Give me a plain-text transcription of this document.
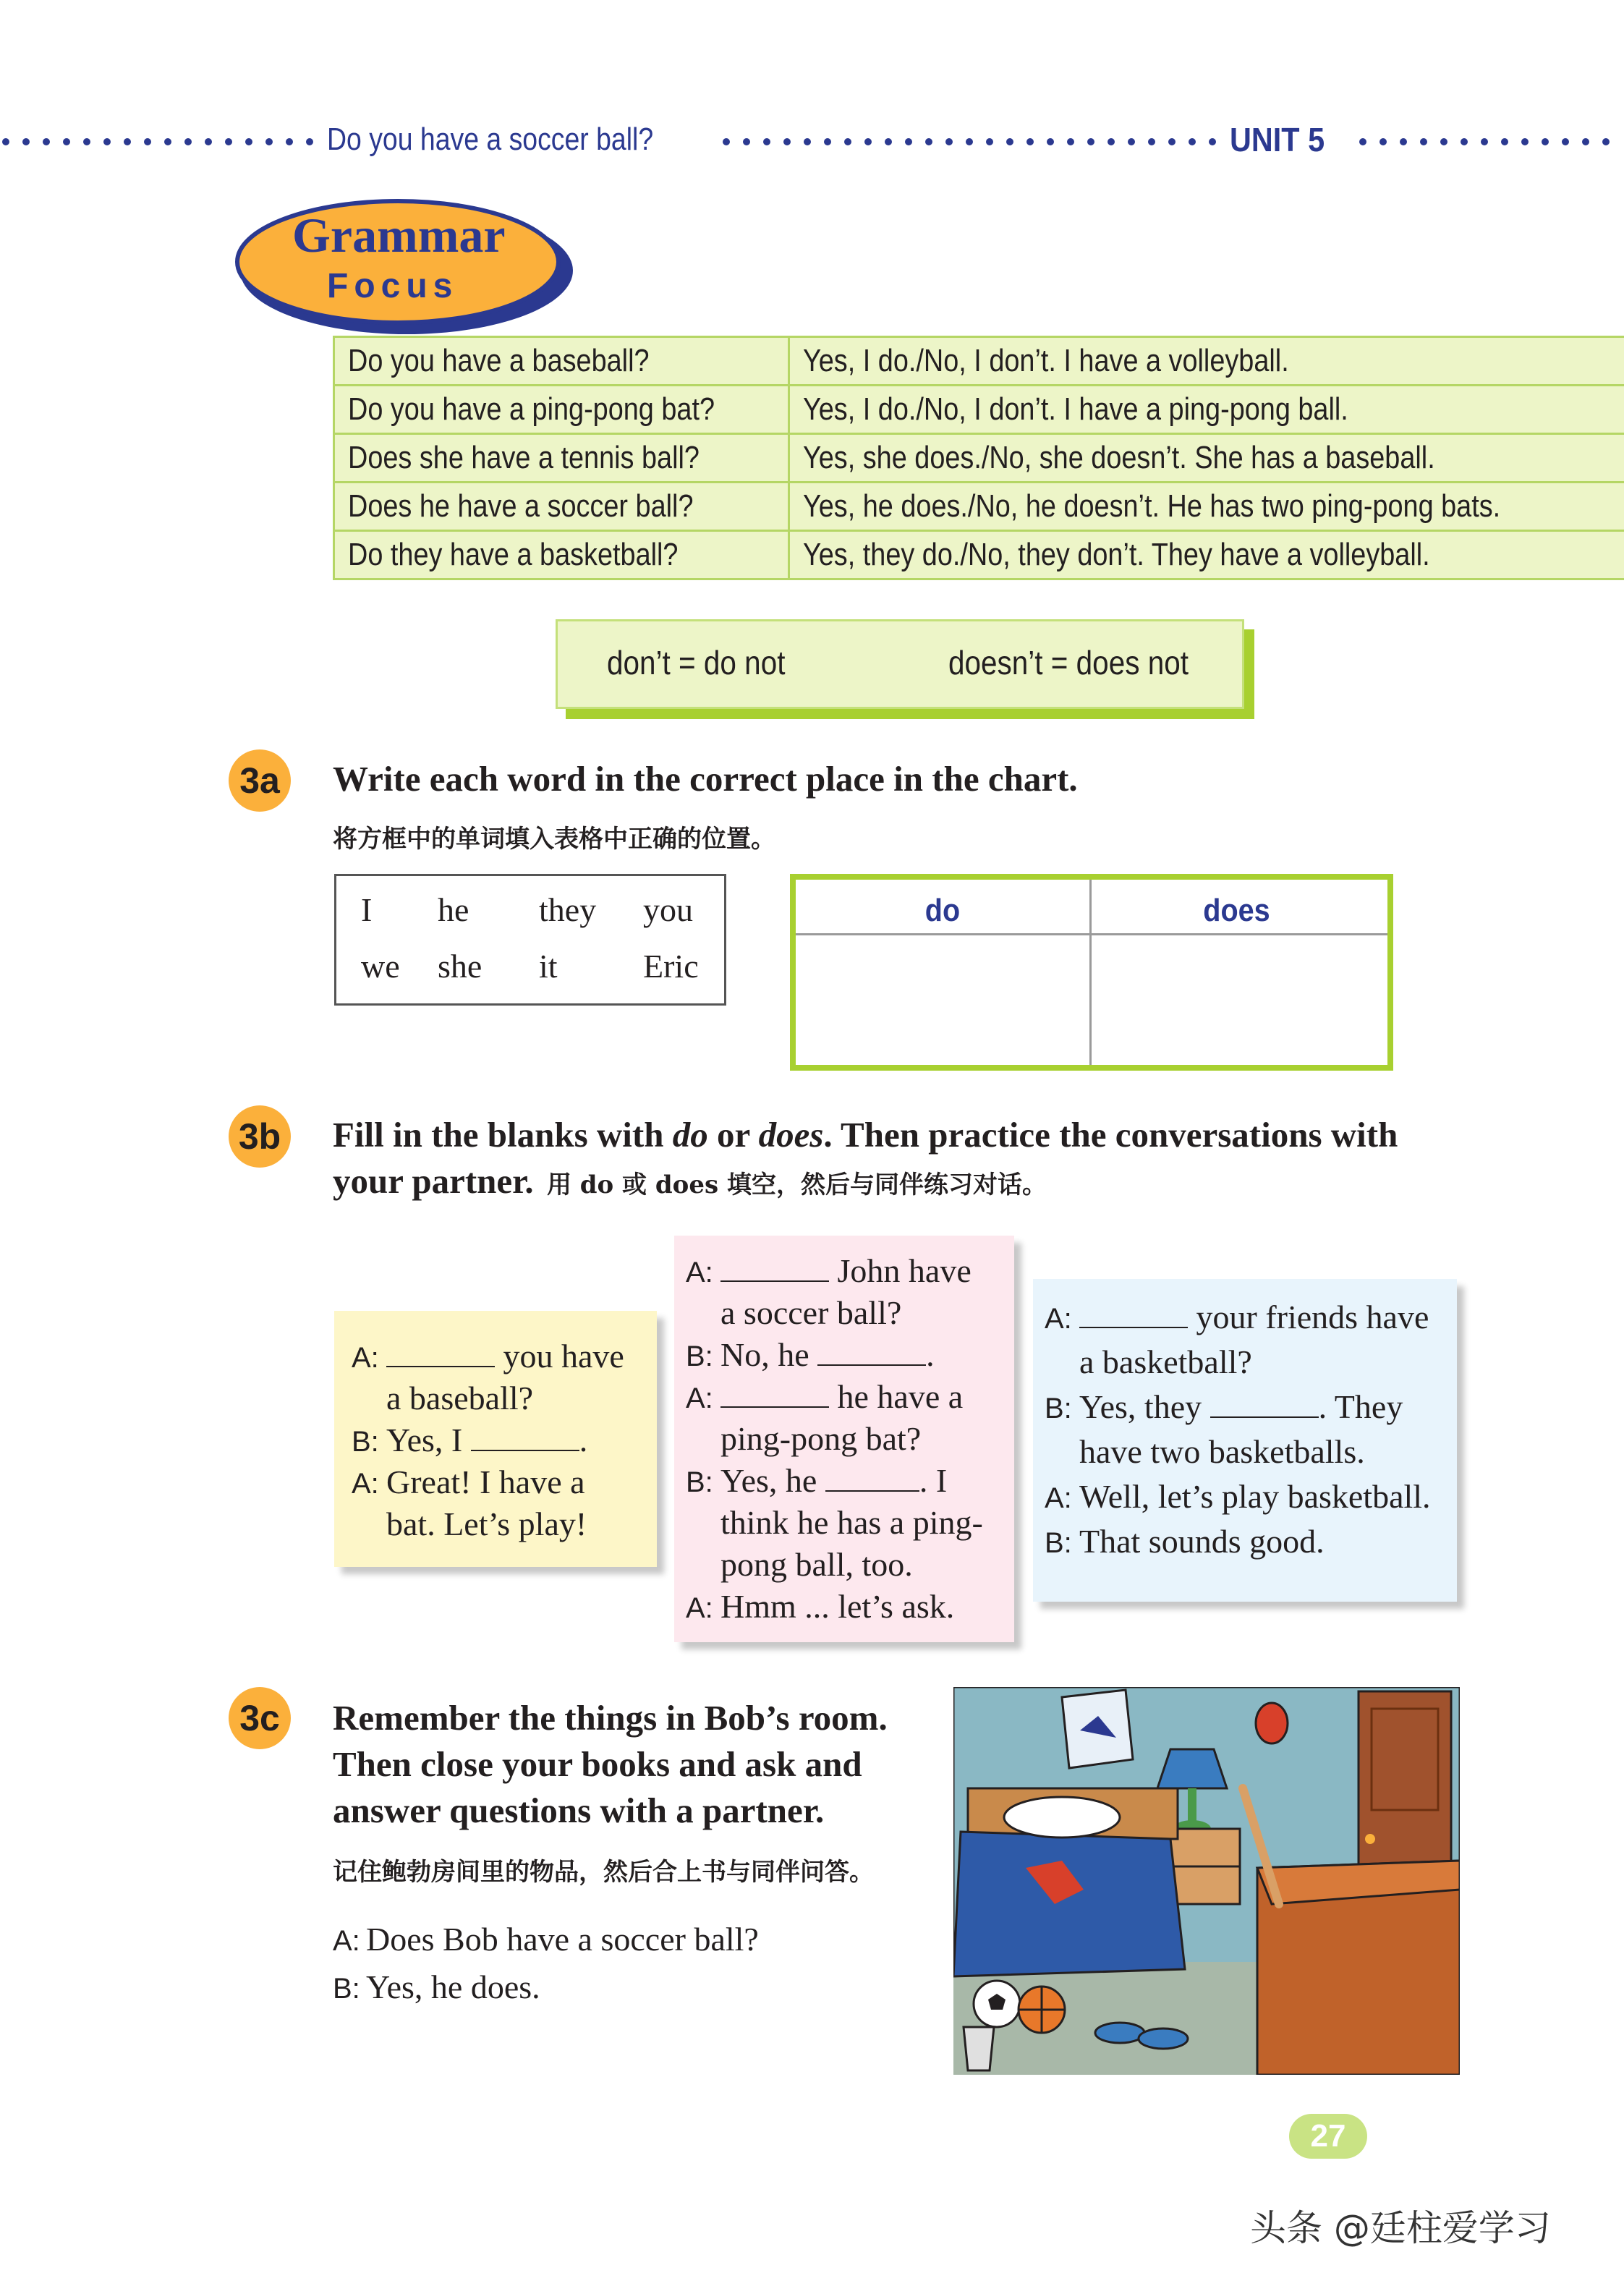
Do you have a soccer ball?	UNIT 5
Grammar
Focus
Do you have a baseball?	Yes, I do./No, I don’t. I have a volleyball.
Do you have a ping-pong bat?	Yes, I do./No, I don’t. I have a ping-pong ball.
Does she have a tennis ball?	Yes, she does./No, she doesn’t. She has a baseball.
Does he have a soccer ball?	Yes, he does./No, he doesn’t. He has two ping-pong bats.
Do they have a basketball?	Yes, they do./No, they don’t. They have a volleyball.
don’t = do not	doesn’t = does not
3a	Write each word in the correct place in the chart.
将方框中的单词填入表格中正确的位置。
I he they you
we she it	Eric
do	does
3b Fill in the blanks with do or does. Then practice the conversations with
your partner. 用 do 或 does 填空，然后与同伴练习对话。
A:	you have
a baseball?
B: Yes, I	.
A: Great! I have a
bat. Let’s play!
A:	John have
a soccer ball?
B: No, he	.
A:	he have a
ping-pong bat?
B: Yes, he	. I
think he has a ping-
pong ball, too.
A: Hmm ... let’s ask.
A:	your friends have
a basketball?
B: Yes, they	. They
have two basketballs.
A: Well, let’s play basketball.
B: That sounds good.
3c	Remember the things in Bob’s room.
Then close your books and ask and
answer questions with a partner.
记住鲍勃房间里的物品，然后合上书与同伴问答。
A: Does Bob have a soccer ball?
B: Yes, he does.
27
头条 @廷柱爱学习
